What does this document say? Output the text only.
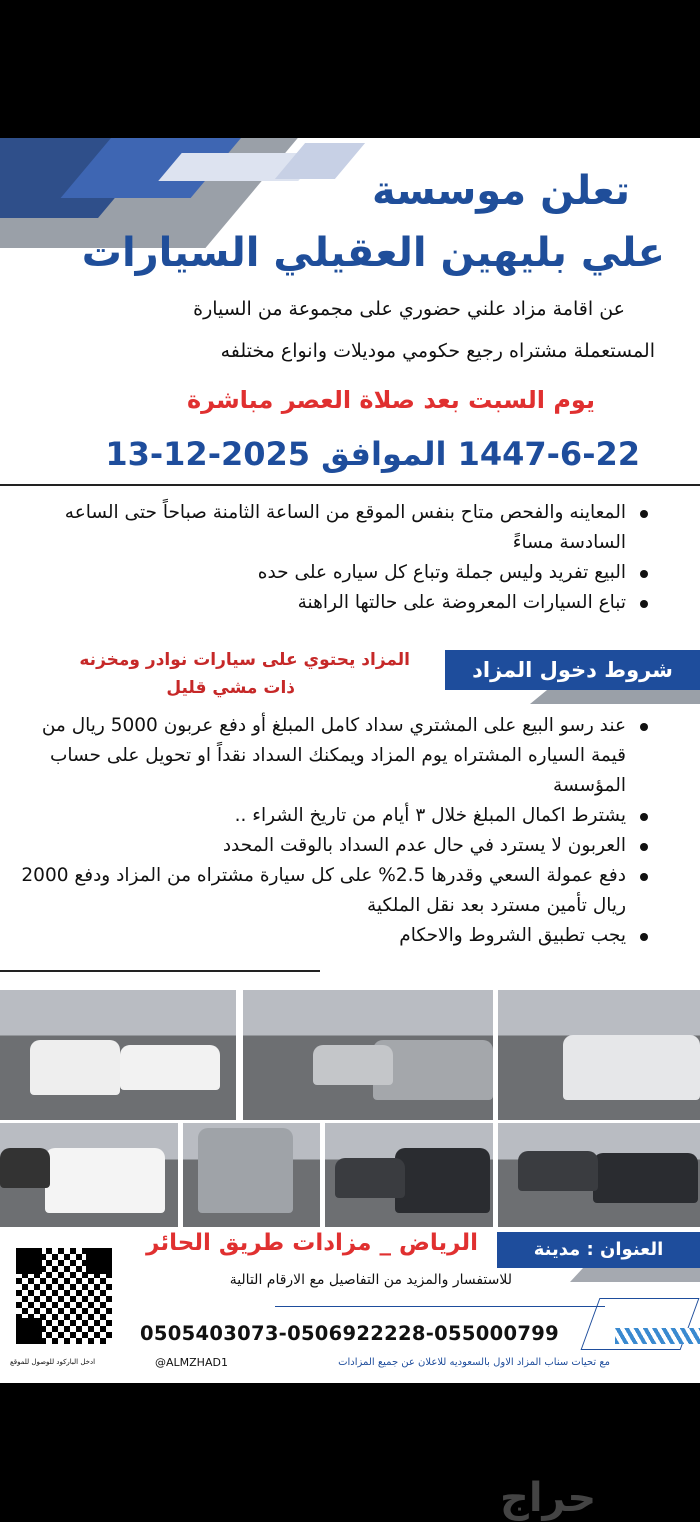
تعلن موسسة
علي بليهين العقيلي السيارات
عن اقامة مزاد علني حضوري على مجموعة من السيارة
المستعملة مشتراه رجيع حكومي موديلات وانواع مختلفه
يوم السبت بعد صلاة العصر مباشرة
1447-6-22 الموافق 2025-12-13
المعاينه والفحص متاح بنفس الموقع من الساعة الثامنة صباحاً حتى الساعه السادسة مساءً
البيع تفريد وليس جملة وتباع كل سياره على حده
تباع السيارات المعروضة على حالتها الراهنة
شروط دخول المزاد
المزاد يحتوي على سيارات نوادر ومخزنه
ذات مشي قليل
عند رسو البيع على المشتري سداد كامل المبلغ أو دفع عربون 5000 ريال من قيمة السياره المشتراه يوم المزاد ويمكنك السداد نقداً او تحويل على حساب المؤسسة
يشترط اكمال المبلغ خلال ٣ أيام من تاريخ الشراء ..
العربون لا يسترد في حال عدم السداد بالوقت المحدد
دفع عمولة السعي وقدرها 2.5% على كل سيارة مشتراه من المزاد ودفع 2000 ريال تأمين مسترد بعد نقل الملكية
يجب تطبيق الشروط والاحكام
العنوان : مدينة
الرياض _ مزادات طريق الحائر
للاستفسار والمزيد من التفاصيل مع الارقام التالية
0505403073-0506922228-055000799
@ALMZHAD1	مع تحيات سناب المزاد الاول بالسعوديه للاعلان عن جميع المزادات
ادخل الباركود للوصول للموقع
حراج
